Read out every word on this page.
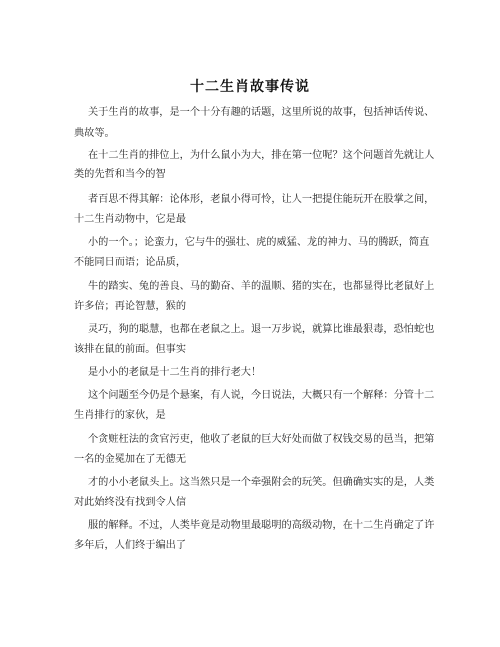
十二生肖故事传说
关于生肖的故事，是一个十分有趣的话题，这里所说的故事，包括神话传说、
典故等。
在十二生肖的排位上，为什么鼠小为大，排在第一位呢？这个问题首先就让人
类的先哲和当今的智
者百思不得其解：论体形，老鼠小得可怜，让人一把提住能玩开在股掌之间，
十二生肖动物中，它是最
小的一个。；论蛮力，它与牛的强壮、虎的威猛、龙的神力、马的腾跃，简直
不能同日而语；论品质，
牛的踏实、兔的善良、马的勤奋、羊的温顺、猪的实在，也都显得比老鼠好上
许多倍；再论智慧，猴的
灵巧，狗的聪慧，也都在老鼠之上。退一万步说，就算比谁最狠毒，恐怕蛇也
该排在鼠的前面。但事实
是小小的老鼠是十二生肖的排行老大！
这个问题至今仍是个悬案，有人说，今日说法，大概只有一个解释：分管十二
生肖排行的家伙，是
个贪赃枉法的贪官污吏，他收了老鼠的巨大好处而做了权钱交易的邑当，把第
一名的金冕加在了无德无
才的小小老鼠头上。这当然只是一个牵强附会的玩笑。但确确实实的是，人类
对此始终没有找到令人信
服的解释。不过，人类毕竟是动物里最聪明的高级动物，在十二生肖确定了许
多年后，人们终于编出了
